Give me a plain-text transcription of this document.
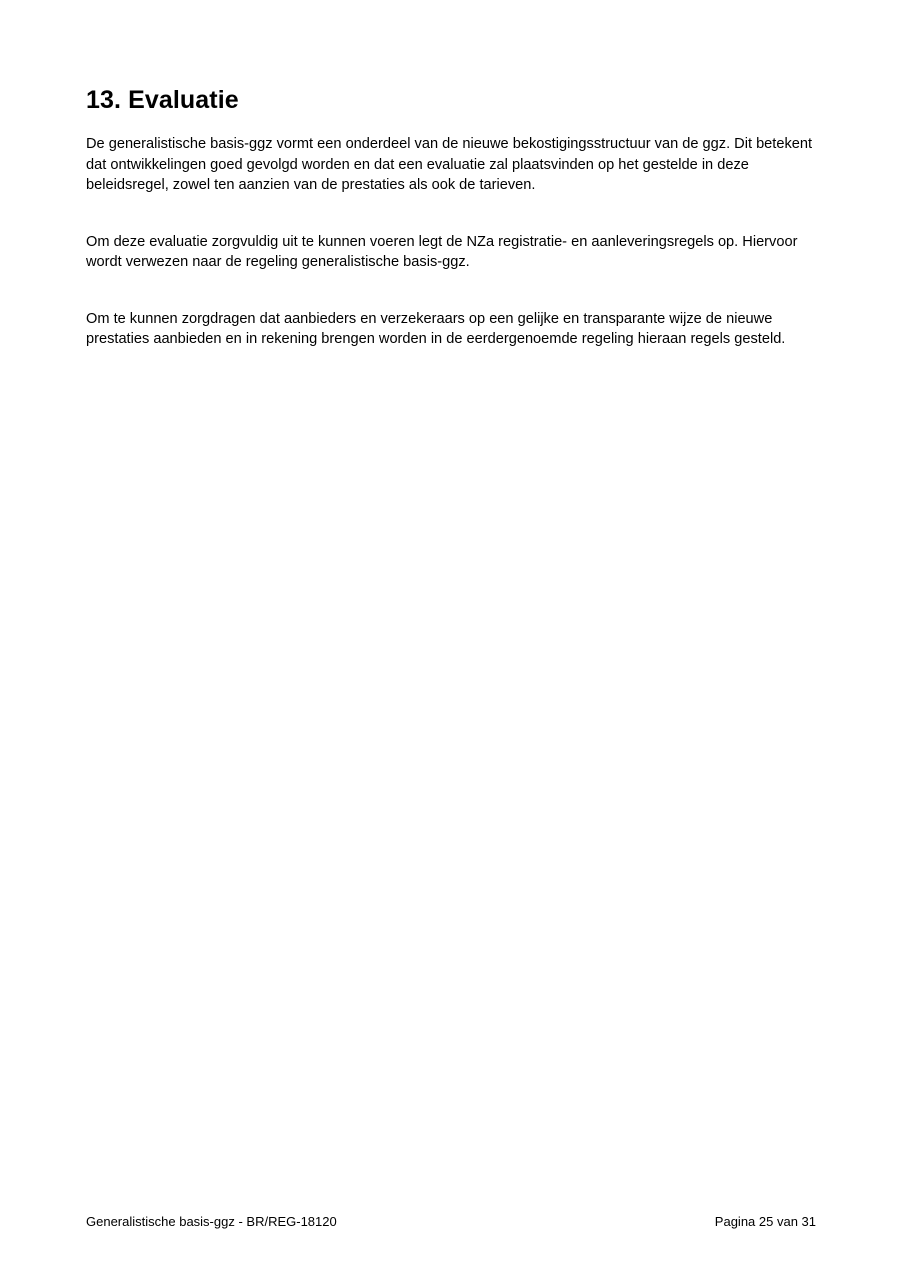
13. Evaluatie

De generalistische basis-ggz vormt een onderdeel van de nieuwe bekostigingsstructuur van de ggz. Dit betekent dat ontwikkelingen goed gevolgd worden en dat een evaluatie zal plaatsvinden op het gestelde in deze beleidsregel, zowel ten aanzien van de prestaties als ook de tarieven.

Om deze evaluatie zorgvuldig uit te kunnen voeren legt de NZa registratie- en aanleveringsregels op. Hiervoor wordt verwezen naar de regeling generalistische basis-ggz.

Om te kunnen zorgdragen dat aanbieders en verzekeraars op een gelijke en transparante wijze de nieuwe prestaties aanbieden en in rekening brengen worden in de eerdergenoemde regeling hieraan regels gesteld.

Generalistische basis-ggz - BR/REG-18120	Pagina 25 van 31
